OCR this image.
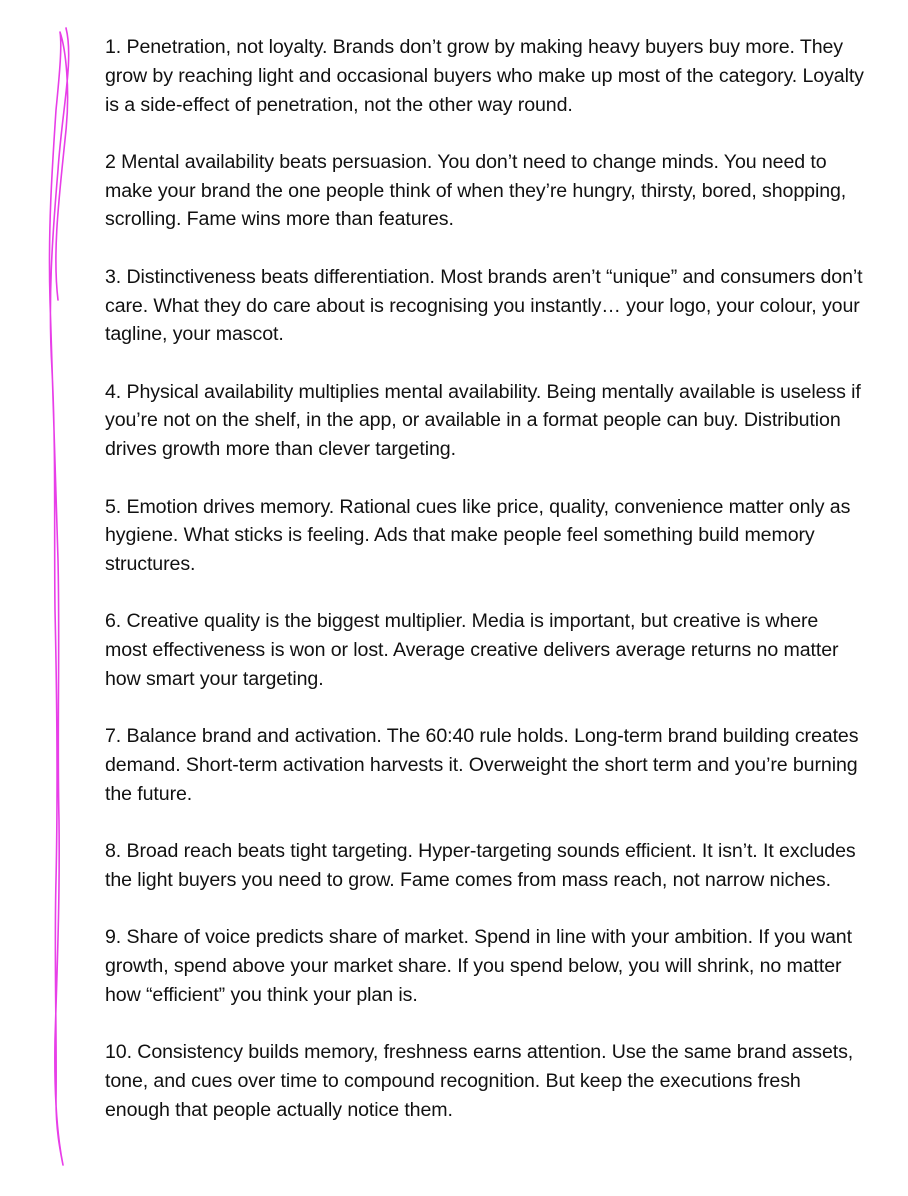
1. Penetration, not loyalty. Brands don’t grow by making heavy buyers buy more. They grow by reaching light and occasional buyers who make up most of the category. Loyalty is a side-effect of penetration, not the other way round.

2 Mental availability beats persuasion. You don’t need to change minds. You need to make your brand the one people think of when they’re hungry, thirsty, bored, shopping, scrolling. Fame wins more than features.

3. Distinctiveness beats differentiation. Most brands aren’t “unique” and consumers don’t care. What they do care about is recognising you instantly… your logo, your colour, your tagline, your mascot.

4. Physical availability multiplies mental availability. Being mentally available is useless if you’re not on the shelf, in the app, or available in a format people can buy. Distribution drives growth more than clever targeting.

5. Emotion drives memory. Rational cues like price, quality, convenience matter only as hygiene. What sticks is feeling. Ads that make people feel something build memory structures.

6. Creative quality is the biggest multiplier. Media is important, but creative is where most effectiveness is won or lost. Average creative delivers average returns no matter how smart your targeting.

7. Balance brand and activation. The 60:40 rule holds. Long-term brand building creates demand. Short-term activation harvests it. Overweight the short term and you’re burning the future.

8. Broad reach beats tight targeting. Hyper-targeting sounds efficient. It isn’t. It excludes the light buyers you need to grow. Fame comes from mass reach, not narrow niches.

9. Share of voice predicts share of market. Spend in line with your ambition. If you want growth, spend above your market share. If you spend below, you will shrink, no matter how “efficient” you think your plan is.

10. Consistency builds memory, freshness earns attention. Use the same brand assets, tone, and cues over time to compound recognition. But keep the executions fresh enough that people actually notice them.
